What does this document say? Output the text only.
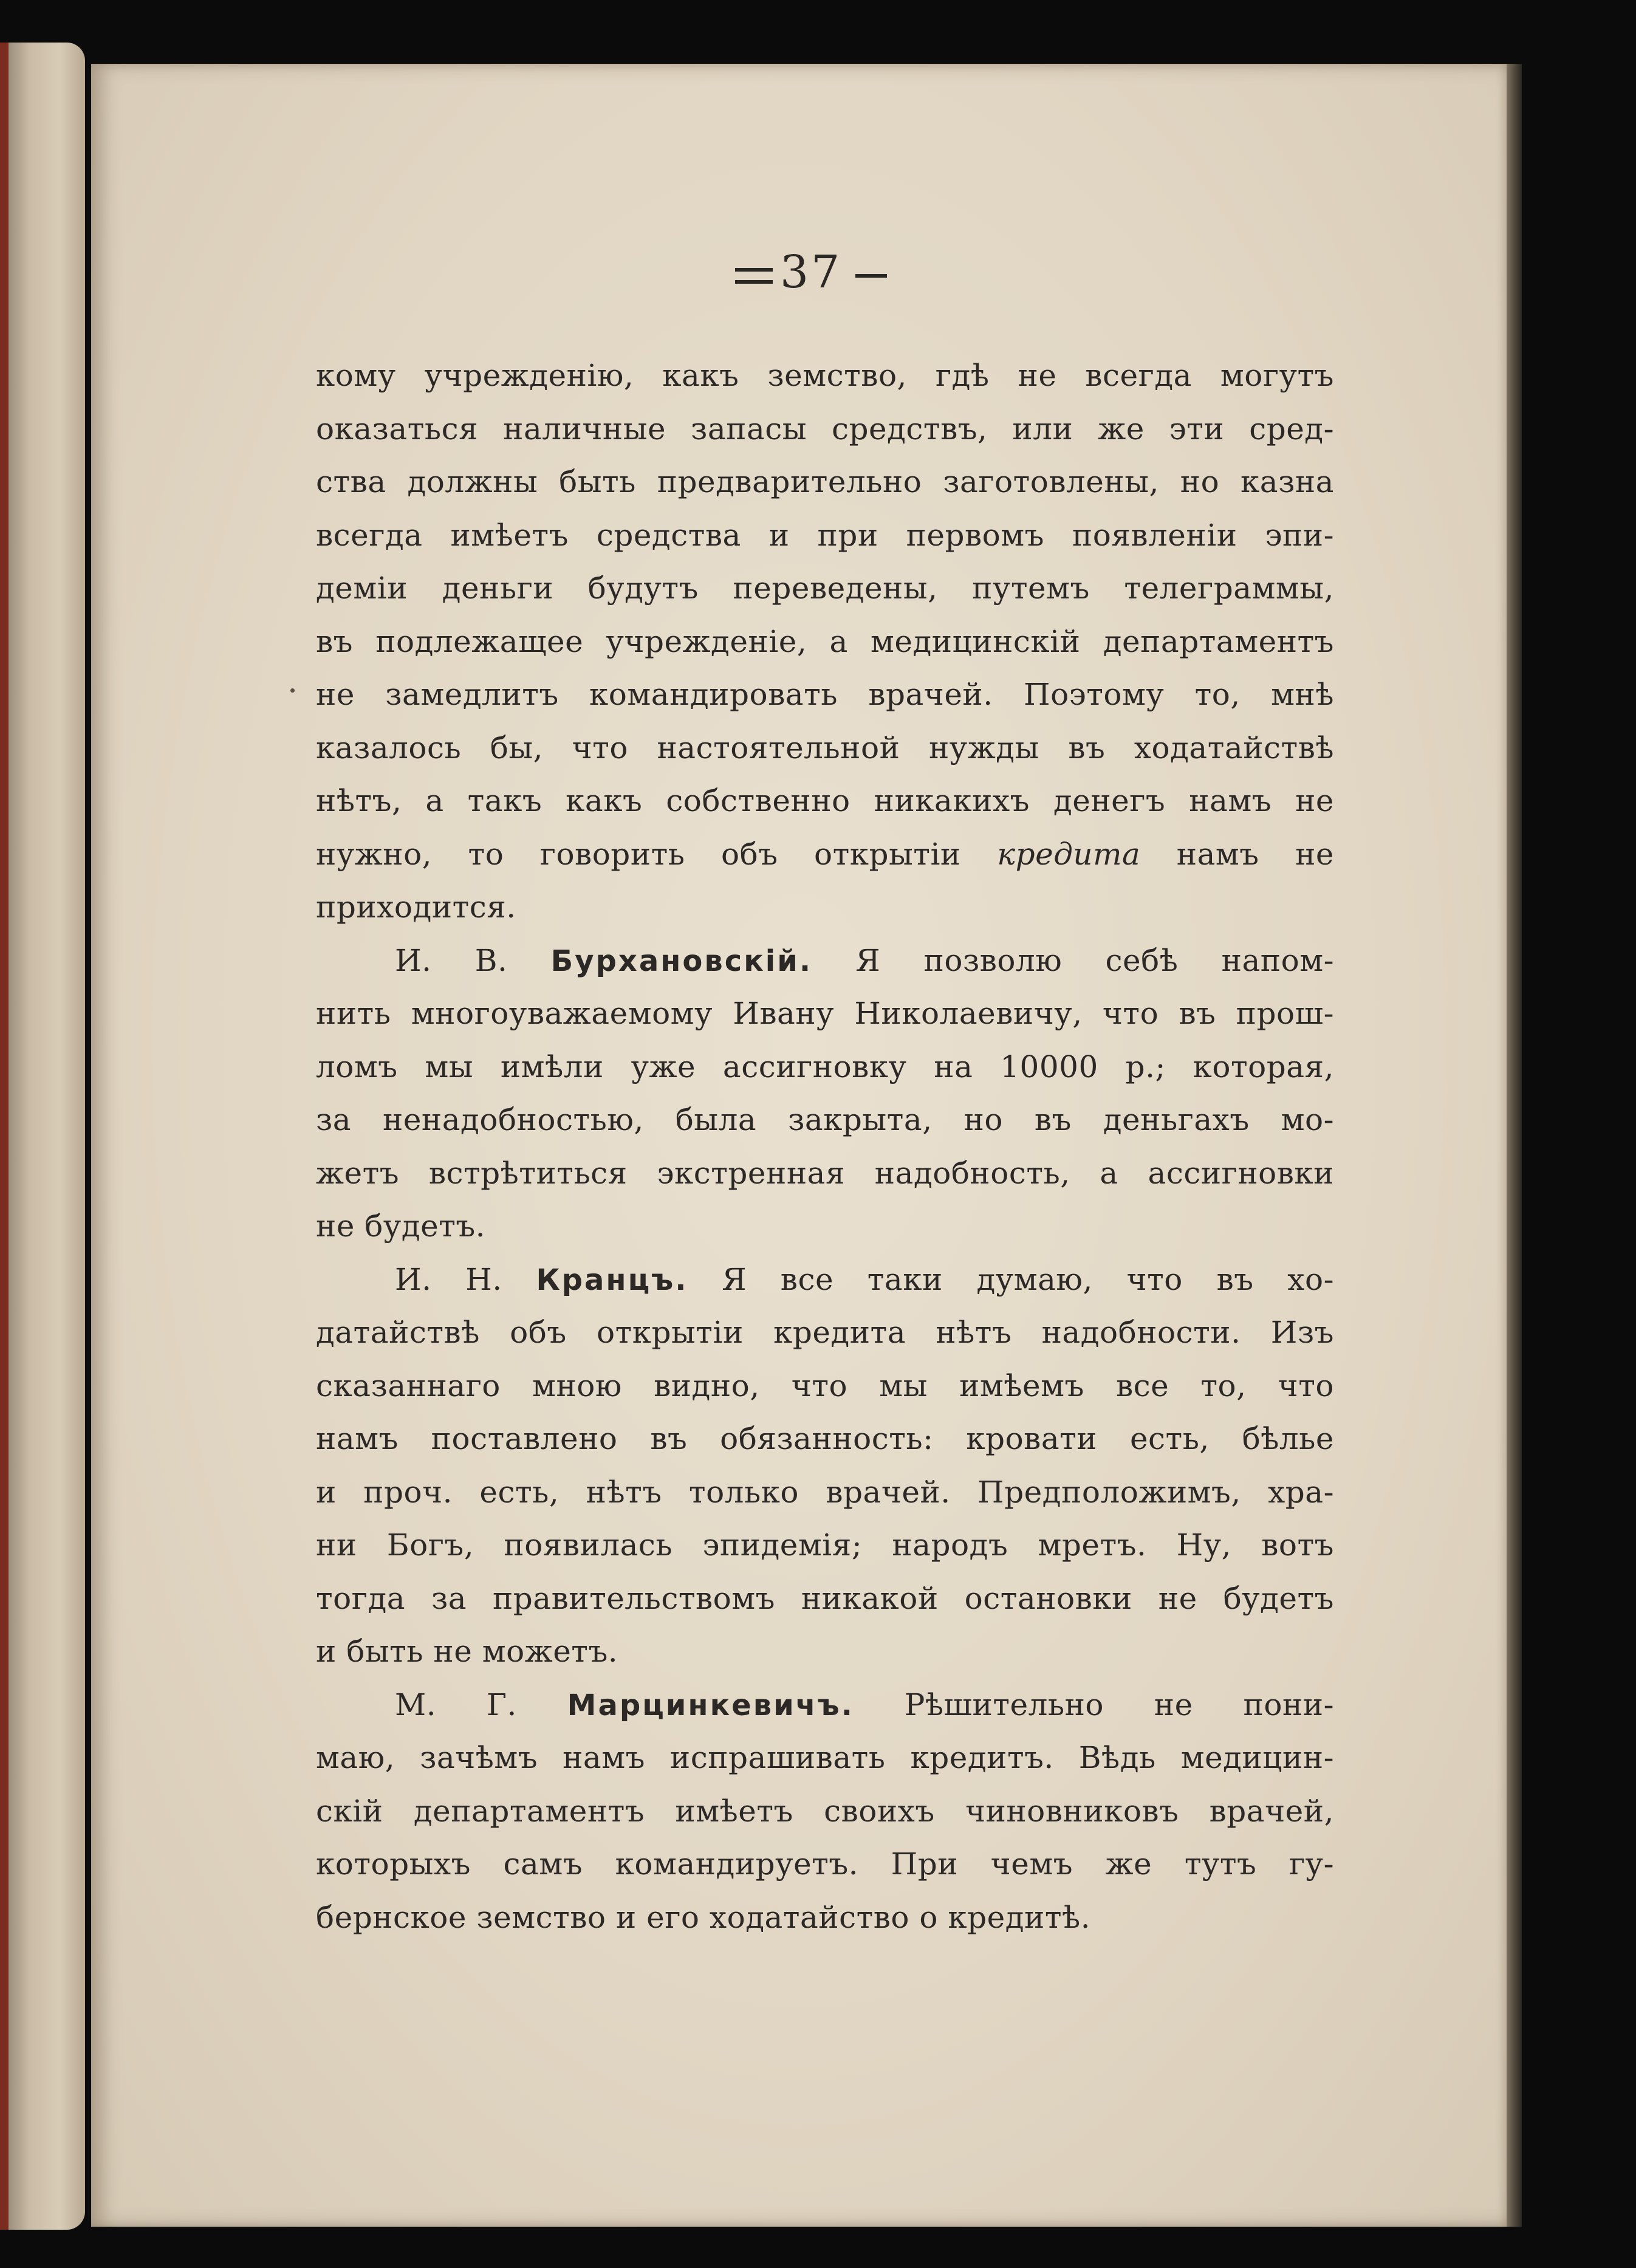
37
кому учрежденію, какъ земство, гдѣ не всегда могутъ
оказаться наличные запасы средствъ, или же эти сред-
ства должны быть предварительно заготовлены, но казна
всегда имѣетъ средства и при первомъ появленіи эпи-
деміи деньги будутъ переведены, путемъ телеграммы,
въ подлежащее учрежденіе, а медицинскій департаментъ
не замедлитъ командировать врачей. Поэтому то, мнѣ
казалось бы, что настоятельной нужды въ ходатайствѣ
нѣтъ, а такъ какъ собственно никакихъ денегъ намъ не
нужно, то говорить объ открытіи кредита намъ не
приходится.
И. В. Бурхановскій. Я позволю себѣ напом-
нить многоуважаемому Ивану Николаевичу, что въ прош-
ломъ мы имѣли уже ассигновку на 10000 р.; которая,
за ненадобностью, была закрыта, но въ деньгахъ мо-
жетъ встрѣтиться экстренная надобность, а ассигновки
не будетъ.
И. Н. Кранцъ. Я все таки думаю, что въ хо-
датайствѣ объ открытіи кредита нѣтъ надобности. Изъ
сказаннаго мною видно, что мы имѣемъ все то, что
намъ поставлено въ обязанность: кровати есть, бѣлье
и проч. есть, нѣтъ только врачей. Предположимъ, хра-
ни Богъ, появилась эпидемія; народъ мретъ. Ну, вотъ
тогда за правительствомъ никакой остановки не будетъ
и быть не можетъ.
М. Г. Марцинкевичъ. Рѣшительно не пони-
маю, зачѣмъ намъ испрашивать кредитъ. Вѣдь медицин-
скій департаментъ имѣетъ своихъ чиновниковъ врачей,
которыхъ самъ командируетъ. При чемъ же тутъ гу-
бернское земство и его ходатайство о кредитѣ.
